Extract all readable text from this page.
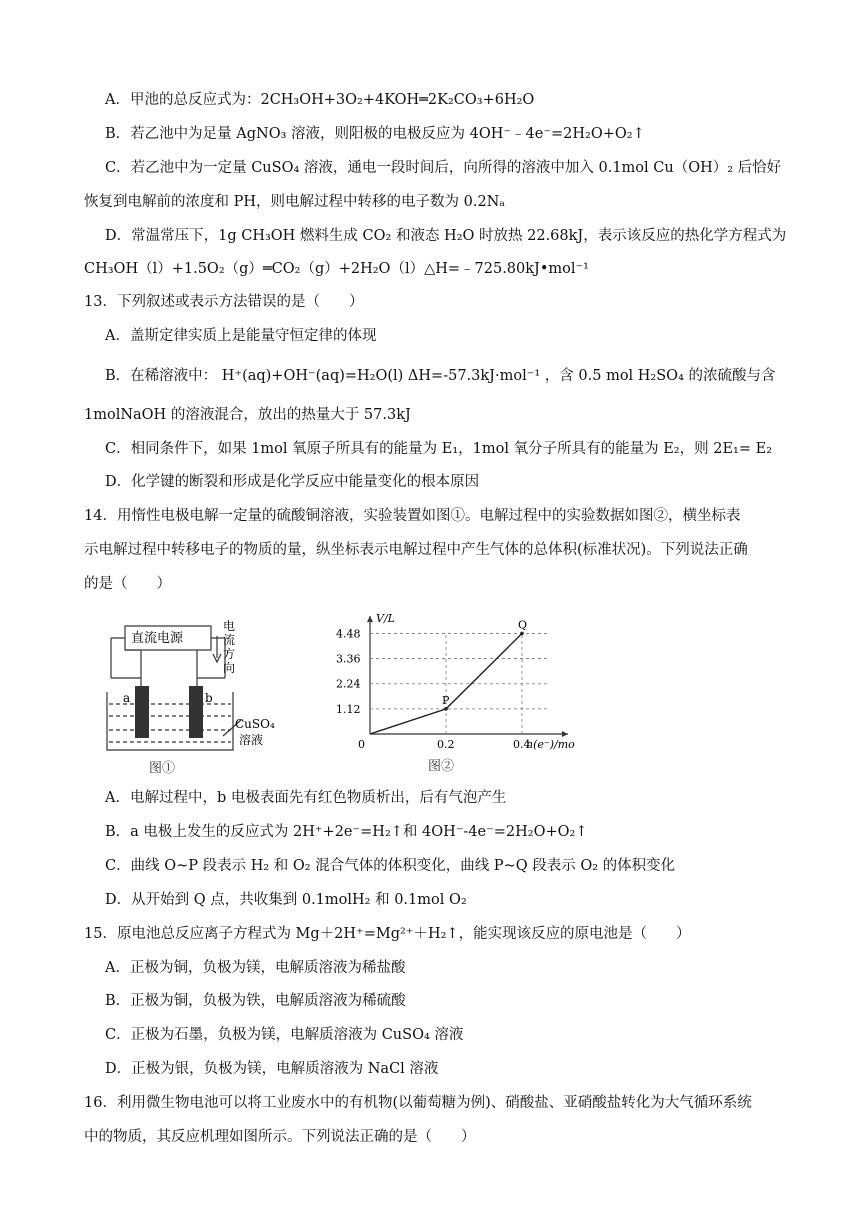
A．甲池的总反应式为：2CH₃OH+3O₂+4KOH═2K₂CO₃+6H₂O
B．若乙池中为足量 AgNO₃ 溶液，则阳极的电极反应为 4OH⁻﹣4e⁻=2H₂O+O₂↑
C．若乙池中为一定量 CuSO₄ 溶液，通电一段时间后，向所得的溶液中加入 0.1mol Cu（OH）₂ 后恰好
恢复到电解前的浓度和 PH，则电解过程中转移的电子数为 0.2Nₐ
D．常温常压下，1g CH₃OH 燃料生成 CO₂ 和液态 H₂O 时放热 22.68kJ，表示该反应的热化学方程式为
CH₃OH（l）+1.5O₂（g）═CO₂（g）+2H₂O（l）△H=﹣725.80kJ•mol⁻¹
13．下列叙述或表示方法错误的是（　　）
A．盖斯定律实质上是能量守恒定律的体现
B．在稀溶液中： H⁺(aq)+OH⁻(aq)=H₂O(l) ΔH=-57.3kJ·mol⁻¹ ，含 0.5 mol H₂SO₄ 的浓硫酸与含
1molNaOH 的溶液混合，放出的热量大于 57.3kJ
C．相同条件下，如果 1mol 氧原子所具有的能量为 E₁，1mol 氧分子所具有的能量为 E₂，则 2E₁= E₂
D．化学键的断裂和形成是化学反应中能量变化的根本原因
14．用惰性电极电解一定量的硫酸铜溶液，实验装置如图①。电解过程中的实验数据如图②，横坐标表
示电解过程中转移电子的物质的量，纵坐标表示电解过程中产生气体的总体积(标准状况)。下列说法正确
的是（　　）
直流电源
电
流
方
向
a	b
CuSO₄
溶液
图①
V/L
n(e⁻)/mol
0
1.12
2.24
3.36
4.48
0.2	0.4
P
Q
图②
A．电解过程中，b 电极表面先有红色物质析出，后有气泡产生
B．a 电极上发生的反应式为 2H⁺+2e⁻=H₂↑和 4OH⁻-4e⁻=2H₂O+O₂↑
C．曲线 O~P 段表示 H₂ 和 O₂ 混合气体的体积变化，曲线 P~Q 段表示 O₂ 的体积变化
D．从开始到 Q 点，共收集到 0.1molH₂ 和 0.1mol O₂
15．原电池总反应离子方程式为 Mg＋2H⁺=Mg²⁺＋H₂↑，能实现该反应的原电池是（　　）
A．正极为铜，负极为镁，电解质溶液为稀盐酸
B．正极为铜，负极为铁，电解质溶液为稀硫酸
C．正极为石墨，负极为镁，电解质溶液为 CuSO₄ 溶液
D．正极为银，负极为镁，电解质溶液为 NaCl 溶液
16．利用微生物电池可以将工业废水中的有机物(以葡萄糖为例)、硝酸盐、亚硝酸盐转化为大气循环系统
中的物质，其反应机理如图所示。下列说法正确的是（　　）
